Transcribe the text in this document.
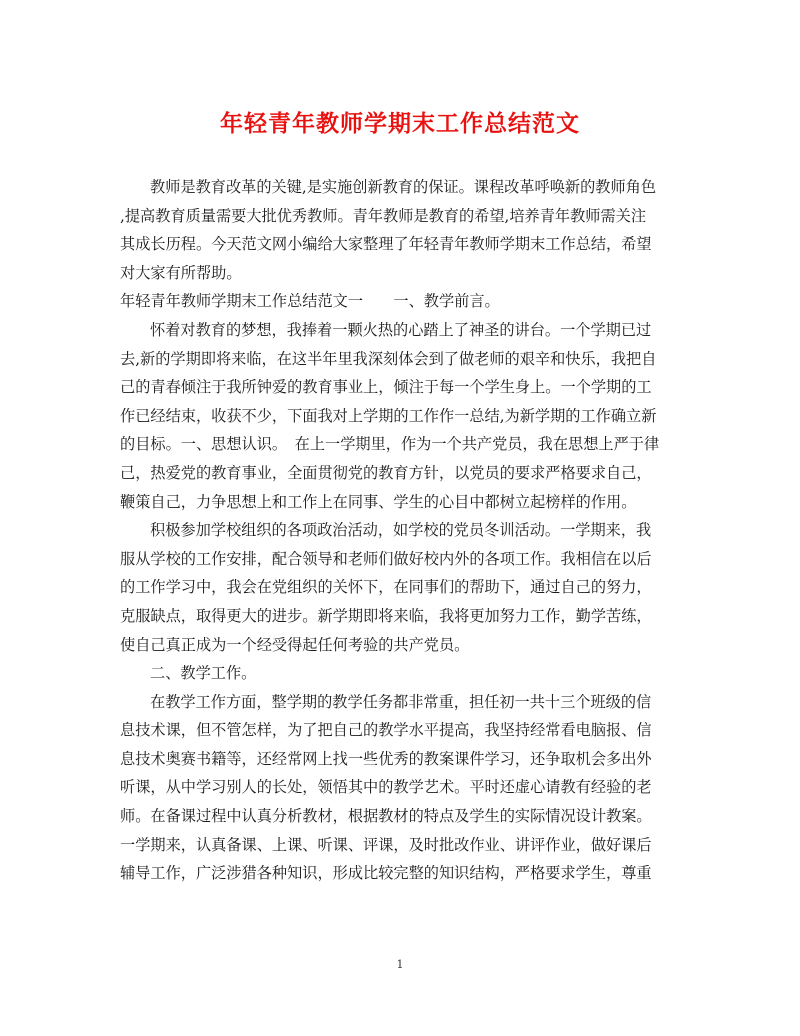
年轻青年教师学期末工作总结范文
教师是教育改革的关键,是实施创新教育的保证。课程改革呼唤新的教师角色
,提高教育质量需要大批优秀教师。青年教师是教育的希望,培养青年教师需关注
其成长历程。今天范文网小编给大家整理了年轻青年教师学期末工作总结，希望
对大家有所帮助。
年轻青年教师学期末工作总结范文一　　一、教学前言。
怀着对教育的梦想，我捧着一颗火热的心踏上了神圣的讲台。一个学期已过
去,新的学期即将来临，在这半年里我深刻体会到了做老师的艰辛和快乐，我把自
己的青春倾注于我所钟爱的教育事业上，倾注于每一个学生身上。一个学期的工
作已经结束，收获不少，下面我对上学期的工作作一总结,为新学期的工作确立新
的目标。一、思想认识。　在上一学期里，作为一个共产党员，我在思想上严于律
己，热爱党的教育事业，全面贯彻党的教育方针，以党员的要求严格要求自己，
鞭策自己，力争思想上和工作上在同事、学生的心目中都树立起榜样的作用。
积极参加学校组织的各项政治活动，如学校的党员冬训活动。一学期来，我
服从学校的工作安排，配合领导和老师们做好校内外的各项工作。我相信在以后
的工作学习中，我会在党组织的关怀下，在同事们的帮助下，通过自己的努力，
克服缺点，取得更大的进步。新学期即将来临，我将更加努力工作，勤学苦练，
使自己真正成为一个经受得起任何考验的共产党员。
二、教学工作。
在教学工作方面，整学期的教学任务都非常重，担任初一共十三个班级的信
息技术课，但不管怎样，为了把自己的教学水平提高，我坚持经常看电脑报、信
息技术奥赛书籍等，还经常网上找一些优秀的教案课件学习，还争取机会多出外
听课，从中学习别人的长处，领悟其中的教学艺术。平时还虚心请教有经验的老
师。在备课过程中认真分析教材，根据教材的特点及学生的实际情况设计教案。
一学期来，认真备课、上课、听课、评课，及时批改作业、讲评作业，做好课后
辅导工作，广泛涉猎各种知识，形成比较完整的知识结构，严格要求学生，尊重
1
